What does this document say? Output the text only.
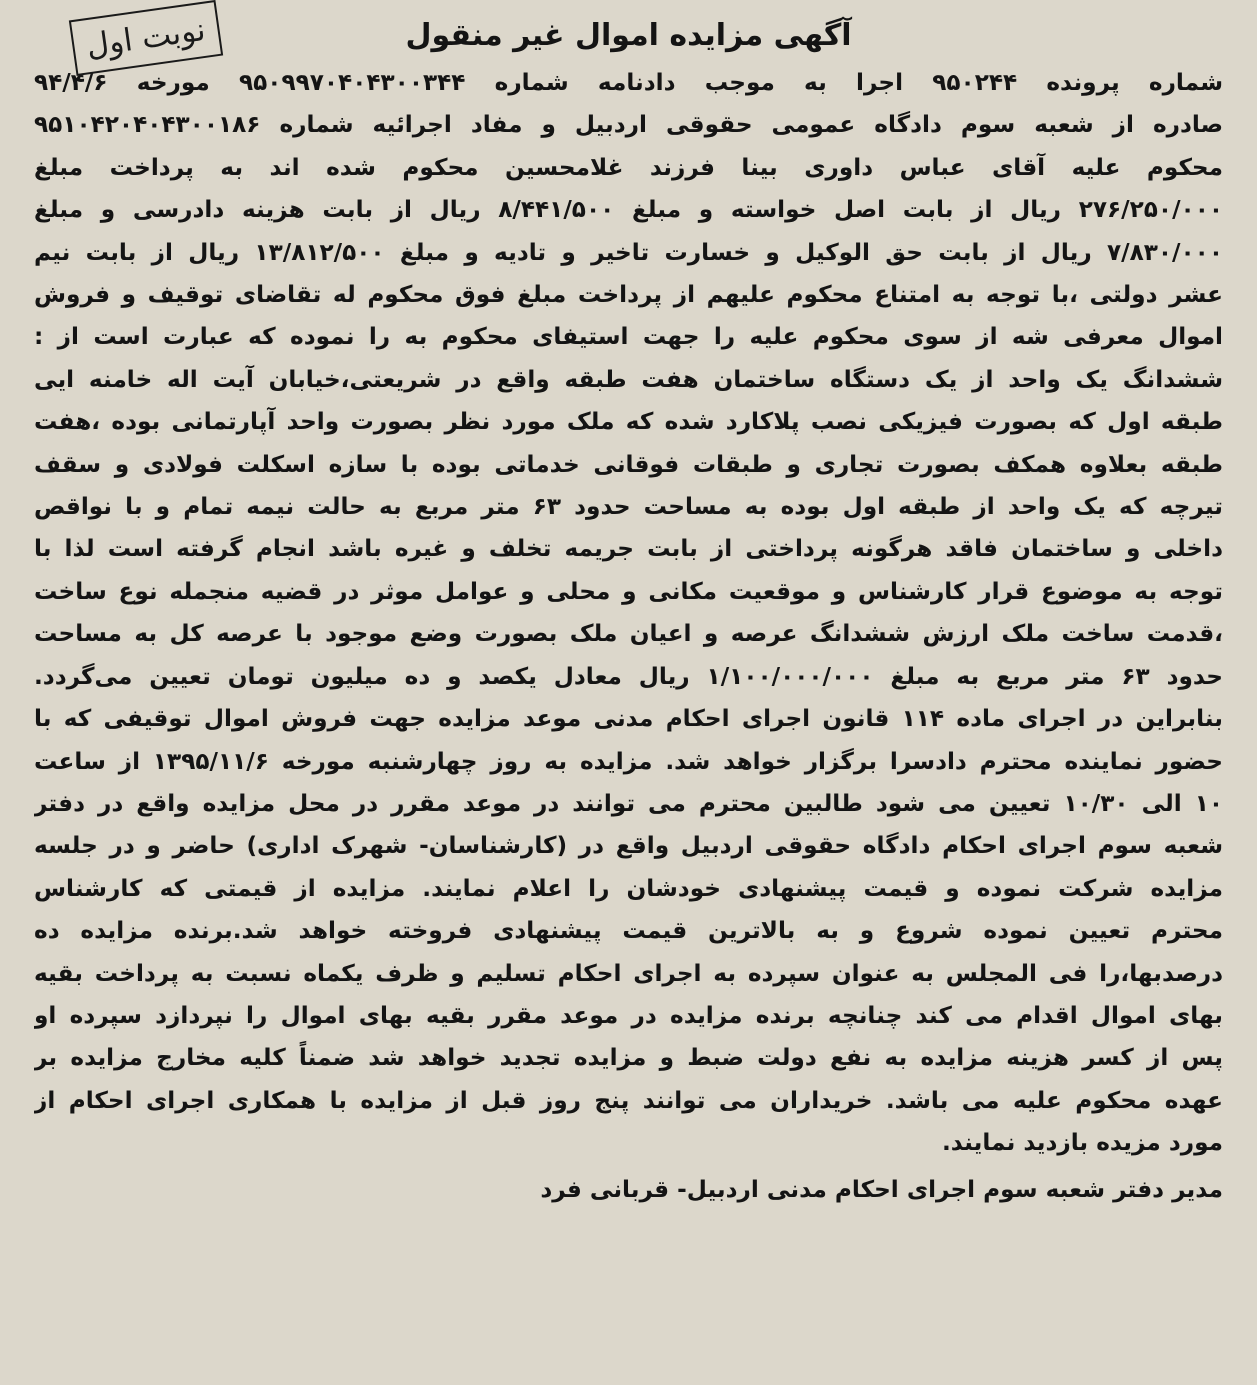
نوبت اول	آگهی مزایده اموال غیر منقول
شماره پرونده ۹۵۰۲۴۴ اجرا به موجب دادنامه شماره ۹۵۰۹۹۷۰۴۰۴۳۰۰۳۴۴ مورخه ۹۴/۴/۶
صادره از شعبه سوم دادگاه عمومی حقوقی اردبیل و مفاد اجرائیه شماره ۹۵۱۰۴۲۰۴۰۴۳۰۰۱۸۶
محکوم علیه آقای عباس داوری بینا فرزند غلامحسین محکوم شده اند به پرداخت مبلغ
۲۷۶/۲۵۰/۰۰۰ ریال از بابت اصل خواسته و مبلغ ۸/۴۴۱/۵۰۰ ریال از بابت هزینه دادرسی و مبلغ
۷/۸۳۰/۰۰۰ ریال از بابت حق الوکیل و خسارت تاخیر و تادیه و مبلغ ۱۳/۸۱۲/۵۰۰ ریال از بابت نیم
عشر دولتی ،با توجه به امتناع محکوم علیهم از پرداخت مبلغ فوق محکوم له تقاضای توقیف و فروش
اموال معرفی شه از سوی محکوم علیه را جهت استیفای محکوم به را نموده که عبارت است از :
ششدانگ یک واحد از یک دستگاه ساختمان هفت طبقه واقع در شریعتی،خیابان آیت اله خامنه ایی
طبقه اول که بصورت فیزیکی نصب پلاکارد شده که ملک مورد نظر بصورت واحد آپارتمانی بوده ،هفت
طبقه بعلاوه همکف بصورت تجاری و طبقات فوقانی خدماتی بوده با سازه اسکلت فولادی و سقف
تیرچه که یک واحد از طبقه اول بوده به مساحت حدود ۶۳ متر مربع به حالت نیمه تمام و با نواقص
داخلی و ساختمان فاقد هرگونه پرداختی از بابت جریمه تخلف و غیره باشد انجام گرفته است لذا با
توجه به موضوع قرار کارشناس و موقعیت مکانی و محلی و عوامل موثر در قضیه منجمله نوع ساخت
،قدمت ساخت ملک ارزش ششدانگ عرصه و اعیان ملک بصورت وضع موجود با عرصه کل به مساحت
حدود ۶۳ متر مربع به مبلغ ۱/۱۰۰/۰۰۰/۰۰۰ ریال معادل یکصد و ده میلیون تومان تعیین می‌گردد.
بنابراین در اجرای ماده ۱۱۴ قانون اجرای احکام مدنی موعد مزایده جهت فروش اموال توقیفی که با
حضور نماینده محترم دادسرا برگزار خواهد شد. مزایده به روز چهارشنبه مورخه ۱۳۹۵/۱۱/۶ از ساعت
۱۰ الی ۱۰/۳۰ تعیین می شود طالبین محترم می توانند در موعد مقرر در محل مزایده واقع در دفتر
شعبه سوم اجرای احکام دادگاه حقوقی اردبیل واقع در (کارشناسان- شهرک اداری) حاضر و در جلسه
مزایده شرکت نموده و قیمت پیشنهادی خودشان را اعلام نمایند. مزایده از قیمتی که کارشناس
محترم تعیین نموده شروع و به بالاترین قیمت پیشنهادی فروخته خواهد شد.برنده مزایده ده
درصدبها،را فی المجلس به عنوان سپرده به اجرای احکام تسلیم و ظرف یکماه نسبت به پرداخت بقیه
بهای اموال اقدام می کند چنانچه برنده مزایده در موعد مقرر بقیه بهای اموال را نپردازد سپرده او
پس از کسر هزینه مزایده به نفع دولت ضبط و مزایده تجدید خواهد شد ضمناً کلیه مخارج مزایده بر
عهده محکوم علیه می باشد. خریداران می توانند پنج روز قبل از مزایده با همکاری اجرای احکام از
مورد مزیده بازدید نمایند.
مدیر دفتر شعبه سوم اجرای احکام مدنی اردبیل- قربانی فرد
